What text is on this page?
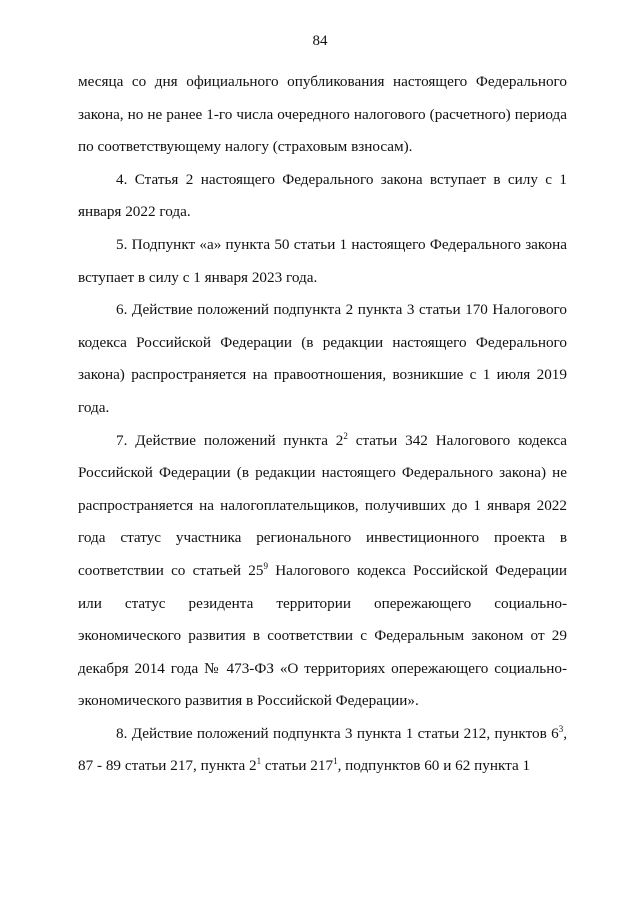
84

месяца со дня официального опубликования настоящего Федерального закона, но не ранее 1-го числа очередного налогового (расчетного) периода по соответствующему налогу (страховым взносам).

4. Статья 2 настоящего Федерального закона вступает в силу с 1 января 2022 года.

5. Подпункт «а» пункта 50 статьи 1 настоящего Федерального закона вступает в силу с 1 января 2023 года.

6. Действие положений подпункта 2 пункта 3 статьи 170 Налогового кодекса Российской Федерации (в редакции настоящего Федерального закона) распространяется на правоотношения, возникшие с 1 июля 2019 года.

7. Действие положений пункта $2^2$ статьи 342 Налогового кодекса Российской Федерации (в редакции настоящего Федерального закона) не распространяется на налогоплательщиков, получивших до 1 января 2022 года статус участника регионального инвестиционного проекта в соответствии со статьей $25^9$ Налогового кодекса Российской Федерации или статус резидента территории опережающего социально-экономического развития в соответствии с Федеральным законом от 29 декабря 2014 года № 473-ФЗ «О территориях опережающего социально-экономического развития в Российской Федерации».

8. Действие положений подпункта 3 пункта 1 статьи 212, пунктов $6^3$, 87 - 89 статьи 217, пункта $2^1$ статьи $217^1$, подпунктов 60 и 62 пункта 1
